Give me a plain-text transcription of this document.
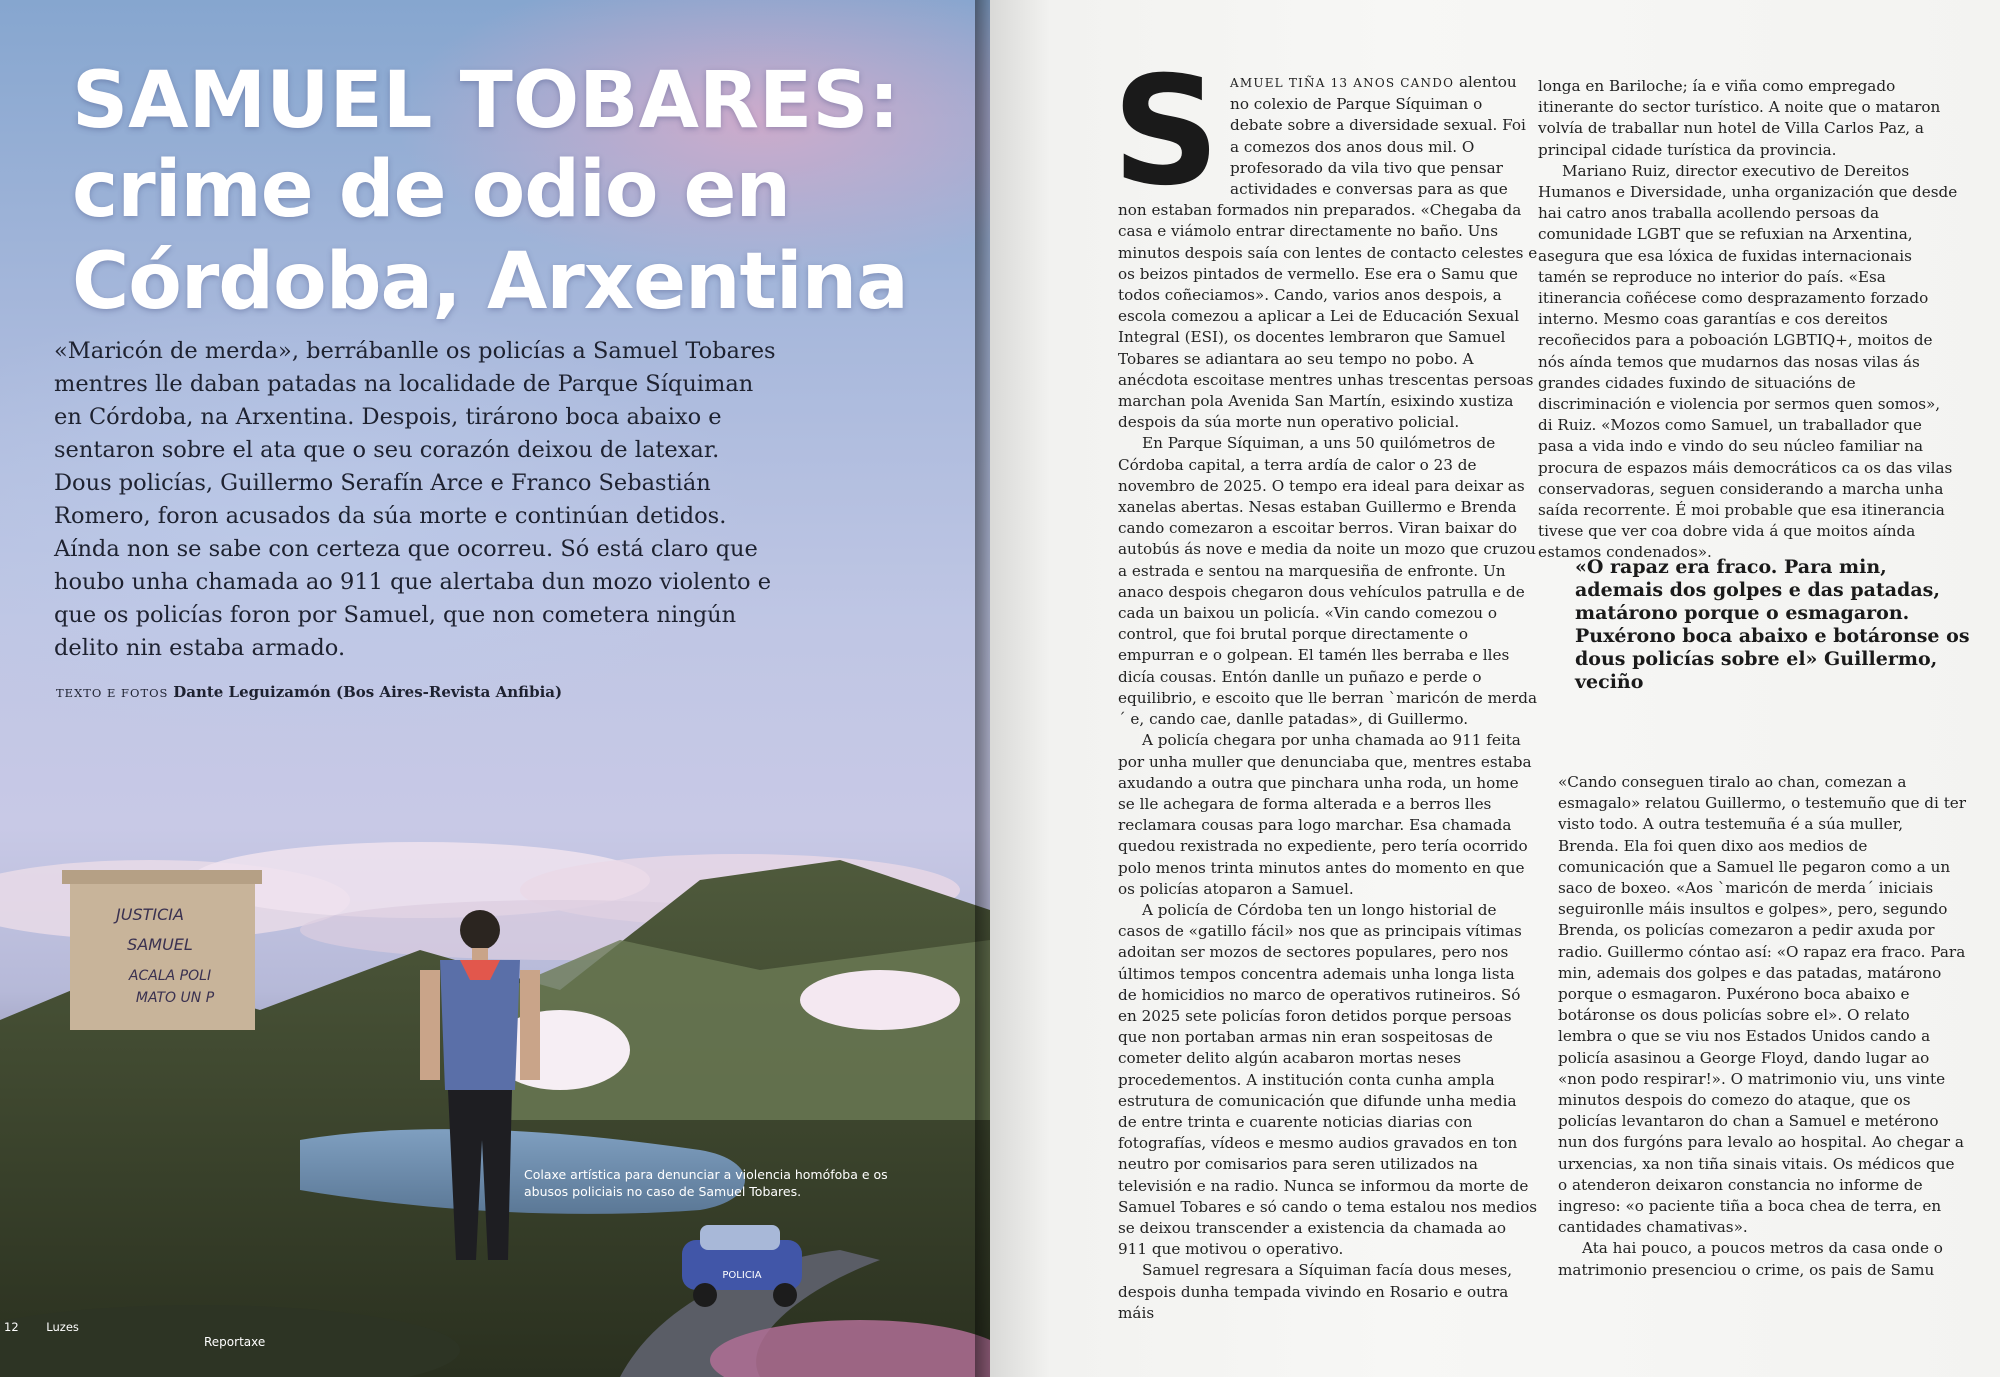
SAMUEL TOBARES:
crime de odio en
Córdoba, Arxentina

«Maricón de merda», berrábanlle os policías a Samuel Tobares mentres lle daban patadas na localidade de Parque Síquiman en Córdoba, na Arxentina. Despois, tirárono boca abaixo e sentaron sobre el ata que o seu corazón deixou de latexar. Dous policías, Guillermo Serafín Arce e Franco Sebastián Romero, foron acusados da súa morte e continúan detidos. Aínda non se sabe con certeza que ocorreu. Só está claro que houbo unha chamada ao 911 que alertaba dun mozo violento e que os policías foron por Samuel, que non cometera ningún delito nin estaba armado.

TEXTO E FOTOS Dante Leguizamón (Bos Aires-Revista Anfibia)

JUSTICIA
SAMUEL
ACALA POLI
MATO UN P
POLICIA

Colaxe artística para denunciar a violencia homófoba e os abusos policiais no caso de Samuel Tobares.

12 Luzes
Reportaxe
S AMUEL TIÑA 13 ANOS CANDO alentou no colexio de Parque Síquiman o debate sobre a diversidade sexual. Foi a comezos dos anos dous mil. O profesorado da vila tivo que pensar actividades e conversas para as que non estaban formados nin preparados. «Chegaba da casa e viámolo entrar directamente no baño. Uns minutos despois saía con lentes de contacto celestes e os beizos pintados de vermello. Ese era o Samu que todos coñeciamos». Cando, varios anos despois, a escola comezou a aplicar a Lei de Educación Sexual Integral (ESI), os docentes lembraron que Samuel Tobares se adiantara ao seu tempo no pobo. A anécdota escoitase mentres unhas trescentas persoas marchan pola Avenida San Martín, esixindo xustiza despois da súa morte nun operativo policial.

En Parque Síquiman, a uns 50 quilómetros de Córdoba capital, a terra ardía de calor o 23 de novembro de 2025. O tempo era ideal para deixar as xanelas abertas. Nesas estaban Guillermo e Brenda cando comezaron a escoitar berros. Viran baixar do autobús ás nove e media da noite un mozo que cruzou a estrada e sentou na marquesiña de enfronte. Un anaco despois chegaron dous vehículos patrulla e de cada un baixou un policía. «Vin cando comezou o control, que foi brutal porque directamente o empurran e o golpean. El tamén lles berraba e lles dicía cousas. Entón danlle un puñazo e perde o equilibrio, e escoito que lle berran `maricón de merda´ e, cando cae, danlle patadas», di Guillermo.

A policía chegara por unha chamada ao 911 feita por unha muller que denunciaba que, mentres estaba axudando a outra que pinchara unha roda, un home se lle achegara de forma alterada e a berros lles reclamara cousas para logo marchar. Esa chamada quedou rexistrada no expediente, pero tería ocorrido polo menos trinta minutos antes do momento en que os policías atoparon a Samuel.

A policía de Córdoba ten un longo historial de casos de «gatillo fácil» nos que as principais vítimas adoitan ser mozos de sectores populares, pero nos últimos tempos concentra ademais unha longa lista de homicidios no marco de operativos rutineiros. Só en 2025 sete policías foron detidos porque persoas que non portaban armas nin eran sospeitosas de cometer delito algún acabaron mortas neses procedementos. A institución conta cunha ampla estrutura de comunicación que difunde unha media de entre trinta e cuarente noticias diarias con fotografías, vídeos e mesmo audios gravados en ton neutro por comisarios para seren utilizados na televisión e na radio. Nunca se informou da morte de Samuel Tobares e só cando o tema estalou nos medios se deixou transcender a existencia da chamada ao 911 que motivou o operativo.

Samuel regresara a Síquiman facía dous meses, despois dunha tempada vivindo en Rosario e outra máis

longa en Bariloche; ía e viña como empregado itinerante do sector turístico. A noite que o mataron volvía de traballar nun hotel de Villa Carlos Paz, a principal cidade turística da provincia.

Mariano Ruiz, director executivo de Dereitos Humanos e Diversidade, unha organización que desde hai catro anos traballa acollendo persoas da comunidade LGBT que se refuxian na Arxentina, asegura que esa lóxica de fuxidas internacionais tamén se reproduce no interior do país. «Esa itinerancia coñécese como desprazamento forzado interno. Mesmo coas garantías e cos dereitos recoñecidos para a poboación LGBTIQ+, moitos de nós aínda temos que mudarnos das nosas vilas ás grandes cidades fuxindo de situacións de discriminación e violencia por sermos quen somos», di Ruiz. «Mozos como Samuel, un traballador que pasa a vida indo e vindo do seu núcleo familiar na procura de espazos máis democráticos ca os das vilas conservadoras, seguen considerando a marcha unha saída recorrente. É moi probable que esa itinerancia tivese que ver coa dobre vida á que moitos aínda estamos condenados».

«O rapaz era fraco. Para min, ademais dos golpes e das patadas, matárono porque o esmagaron. Puxérono boca abaixo e botáronse os dous policías sobre el» Guillermo, veciño

«Cando conseguen tiralo ao chan, comezan a esmagalo» relatou Guillermo, o testemuño que di ter visto todo. A outra testemuña é a súa muller, Brenda. Ela foi quen dixo aos medios de comunicación que a Samuel lle pegaron como a un saco de boxeo. «Aos `maricón de merda´ iniciais seguironlle máis insultos e golpes», pero, segundo Brenda, os policías comezaron a pedir axuda por radio. Guillermo cóntao así: «O rapaz era fraco. Para min, ademais dos golpes e das patadas, matárono porque o esmagaron. Puxérono boca abaixo e botáronse os dous policías sobre el». O relato lembra o que se viu nos Estados Unidos cando a policía asasinou a George Floyd, dando lugar ao «non podo respirar!». O matrimonio viu, uns vinte minutos despois do comezo do ataque, que os policías levantaron do chan a Samuel e metérono nun dos furgóns para levalo ao hospital. Ao chegar a urxencias, xa non tiña sinais vitais. Os médicos que o atenderon deixaron constancia no informe de ingreso: «o paciente tiña a boca chea de terra, en cantidades chamativas».

Ata hai pouco, a poucos metros da casa onde o matrimonio presenciou o crime, os pais de Samu
